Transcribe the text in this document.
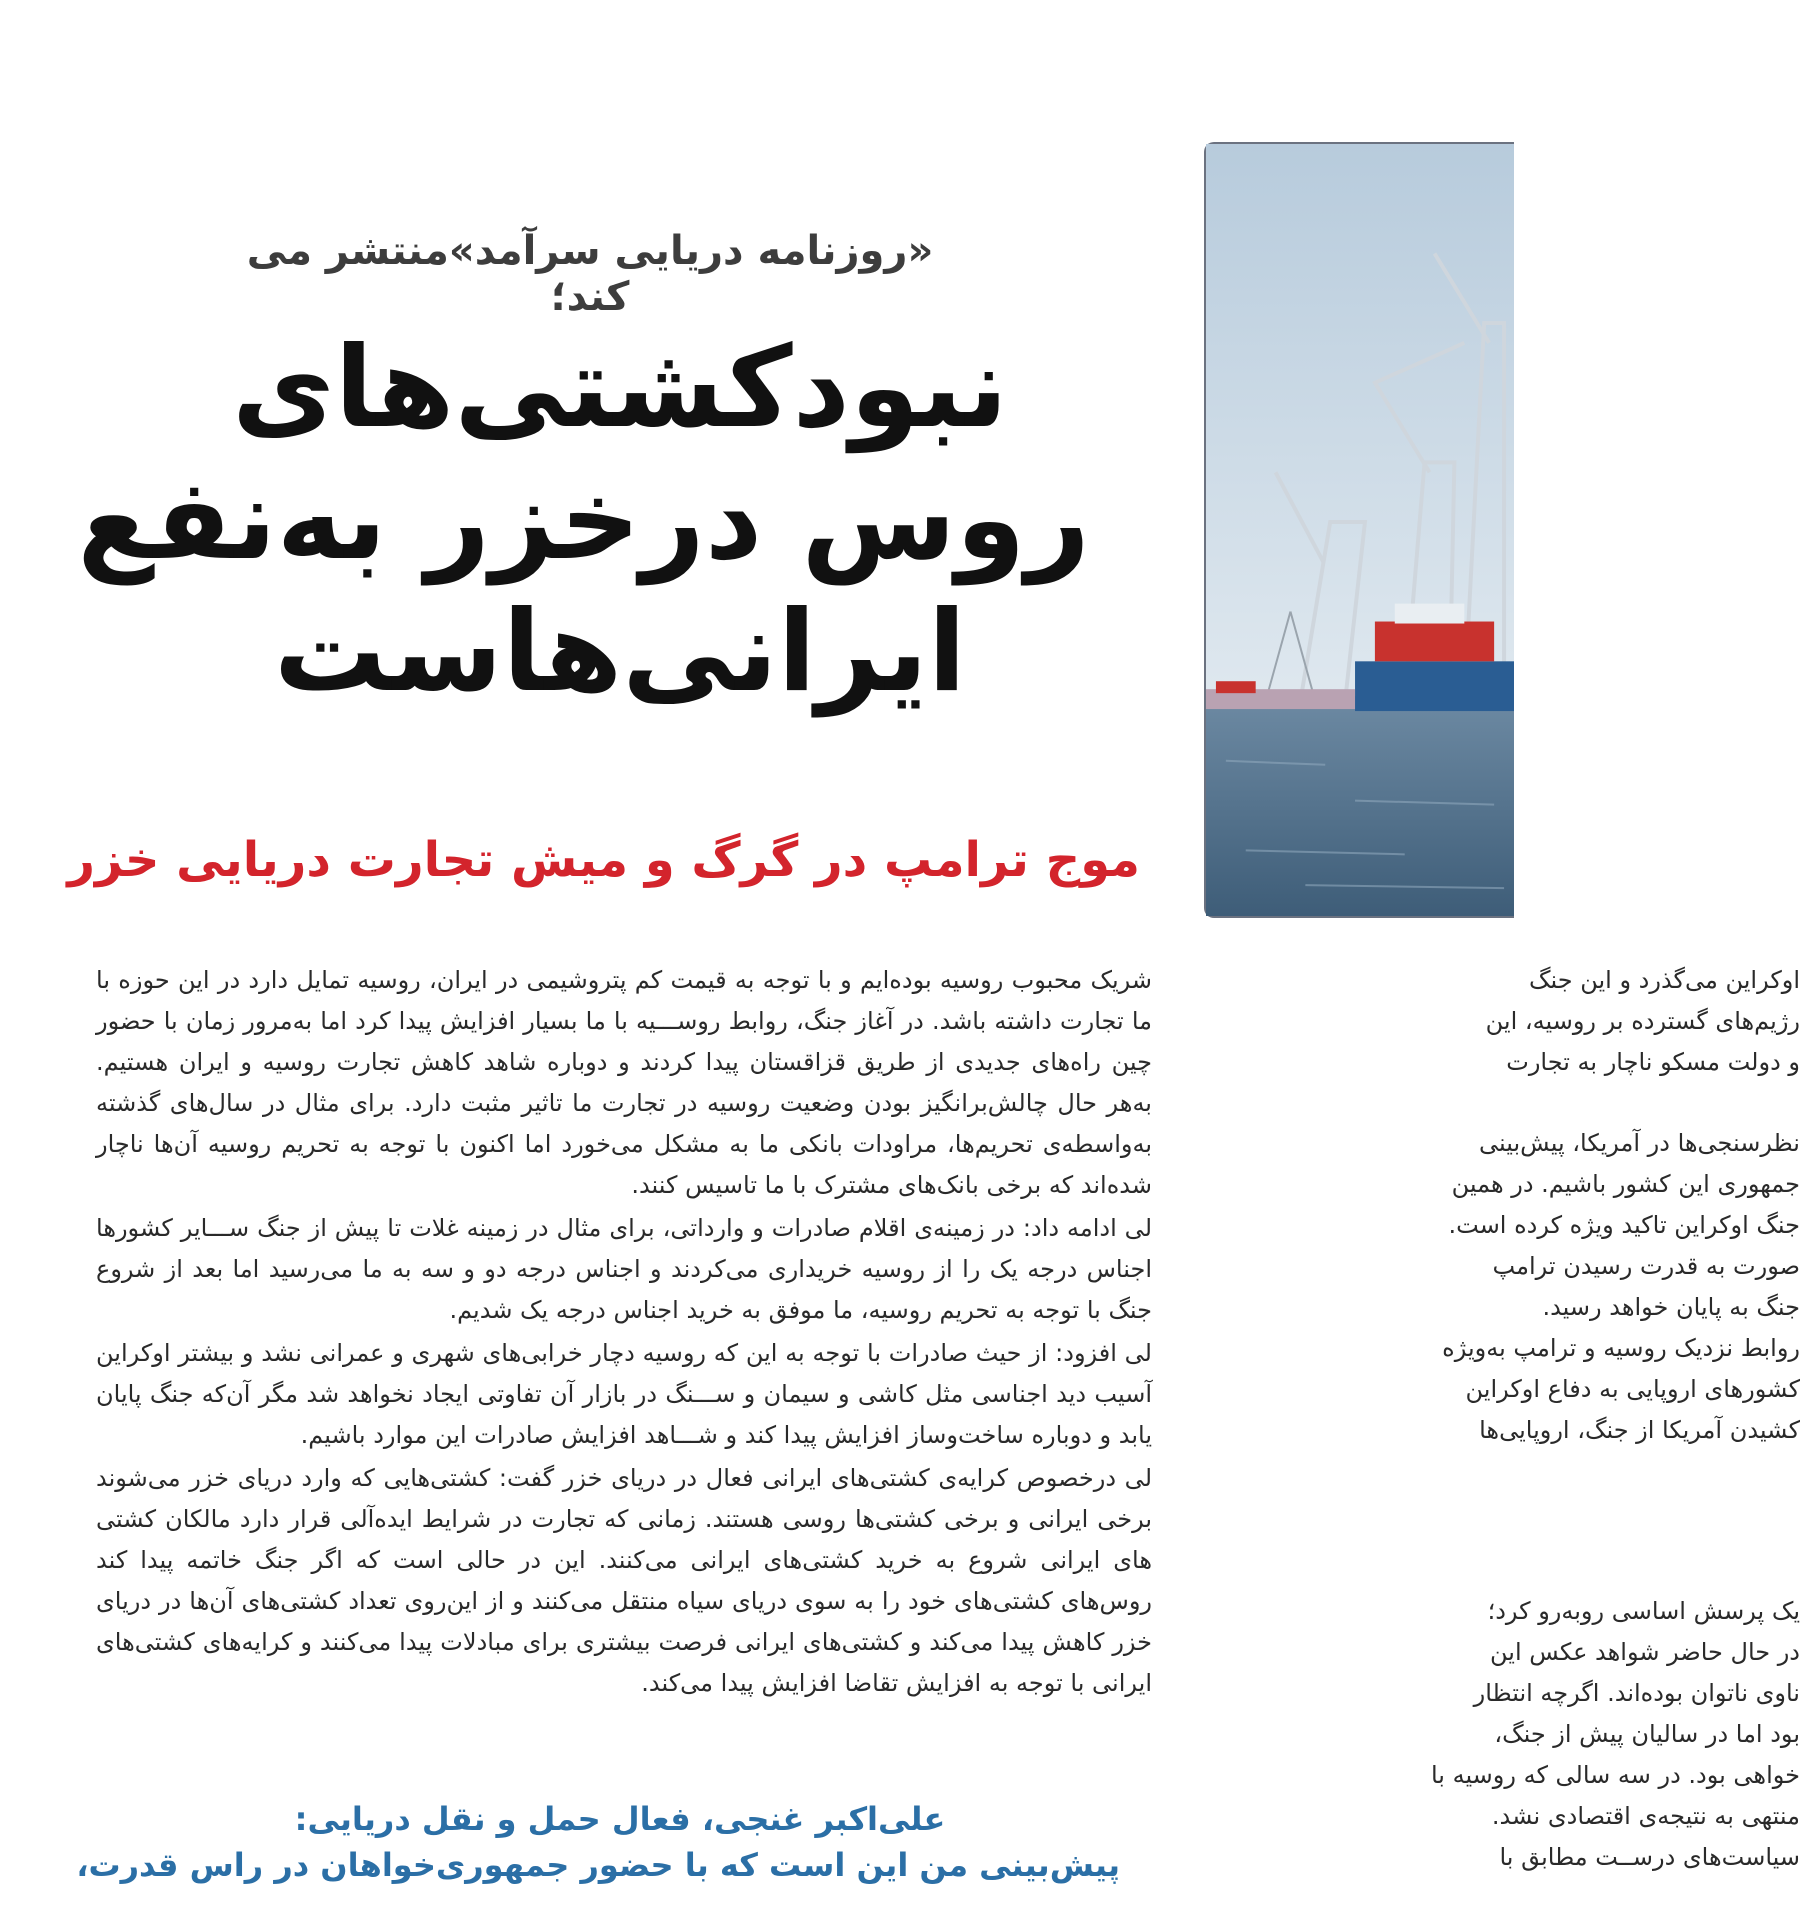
«روزنامه دریایی سرآمد»منتشر می کند؛
نبودکشتی‌های
روس درخزر به‌نفع
ایرانی‌هاست
موج ترامپ در گرگ و میش تجارت دریایی خزر

شریک محبوب روسیه بوده‌ایم و با توجه به قیمت کم پتروشیمی در ایران، روسیه تمایل دارد در این حوزه با ما تجارت داشته باشد. در آغاز جنگ، روابط روســـیه با ما بسیار افزایش پیدا کرد اما به‌مرور زمان با حضور چین راه‌های جدیدی از طریق قزاقستان پیدا کردند و دوباره شاهد کاهش تجارت روسیه و ایران هستیم. به‌هر حال چالش‌برانگیز بودن وضعیت روسیه در تجارت ما تاثیر مثبت دارد. برای مثال در سال‌های گذشته به‌واسطه‌ی تحریم‌ها، مراودات بانکی ما به مشکل می‌خورد اما اکنون با توجه به تحریم روسیه آن‌ها ناچار شده‌اند که برخی بانک‌های مشترک با ما تاسیس کنند.

لی ادامه داد: در زمینه‌ی اقلام صادرات و وارداتی، برای مثال در زمینه غلات تا پیش از جنگ ســـایر کشورها اجناس درجه یک را از روسیه خریداری می‌کردند و اجناس درجه دو و سه به ما می‌رسید اما بعد از شروع جنگ با توجه به تحریم روسیه، ما موفق به خرید اجناس درجه یک شدیم.

لی افزود: از حیث صادرات با توجه به این که روسیه دچار خرابی‌های شهری و عمرانی نشد و بیشتر اوکراین آسیب دید اجناسی مثل کاشی و سیمان و ســـنگ در بازار آن تفاوتی ایجاد نخواهد شد مگر آن‌که جنگ پایان یابد و دوباره ساخت‌وساز افزایش پیدا کند و شـــاهد افزایش صادرات این موارد باشیم.

لی درخصوص کرایه‌ی کشتی‌های ایرانی فعال در دریای خزر گفت: کشتی‌هایی که وارد دریای خزر می‌شوند برخی ایرانی و برخی کشتی‌ها روسی هستند. زمانی که تجارت در شرایط ایده‌آلی قرار دارد مالکان کشتی های ایرانی شروع به خرید کشتی‌های ایرانی می‌کنند. این در حالی است که اگر جنگ خاتمه پیدا کند روس‌های کشتی‌های خود را به سوی دریای سیاه منتقل می‌کنند و از این‌روی تعداد کشتی‌های آن‌ها در دریای خزر کاهش پیدا می‌کند و کشتی‌های ایرانی فرصت بیشتری برای مبادلات پیدا می‌کنند و کرایه‌های کشتی‌های ایرانی با توجه به افزایش تقاضا افزایش پیدا می‌کند.

اوکراین می‌گذرد و این جنگ

رژیم‌های گسترده بر روسیه، این

و دولت مسکو ناچار به تجارت

نظرسنجی‌ها در آمریکا، پیش‌بینی

جمهوری این کشور باشیم. در همین

جنگ اوکراین تاکید ویژه کرده است.

صورت به قدرت رسیدن ترامپ

جنگ به پایان خواهد رسید.

روابط نزدیک روسیه و ترامپ به‌ویژه

کشورهای اروپایی به دفاع اوکراین

کشیدن آمریکا از جنگ، اروپایی‌ها

یک پرسش اساسی روبه‌رو کرد؛

در حال حاضر شواهد عکس این

ناوی ناتوان بوده‌اند. اگرچه انتظار

بود اما در سالیان پیش از جنگ،

خواهی بود. در سه سالی که روسیه با

منتهی به نتیجه‌ی اقتصادی نشد.

سیاست‌های درســت مطابق با

علی‌اکبر غنجی، فعال حمل و نقل دریایی:
پیش‌بینی من این است که با حضور جمهوری‌خواهان در راس قدرت،
